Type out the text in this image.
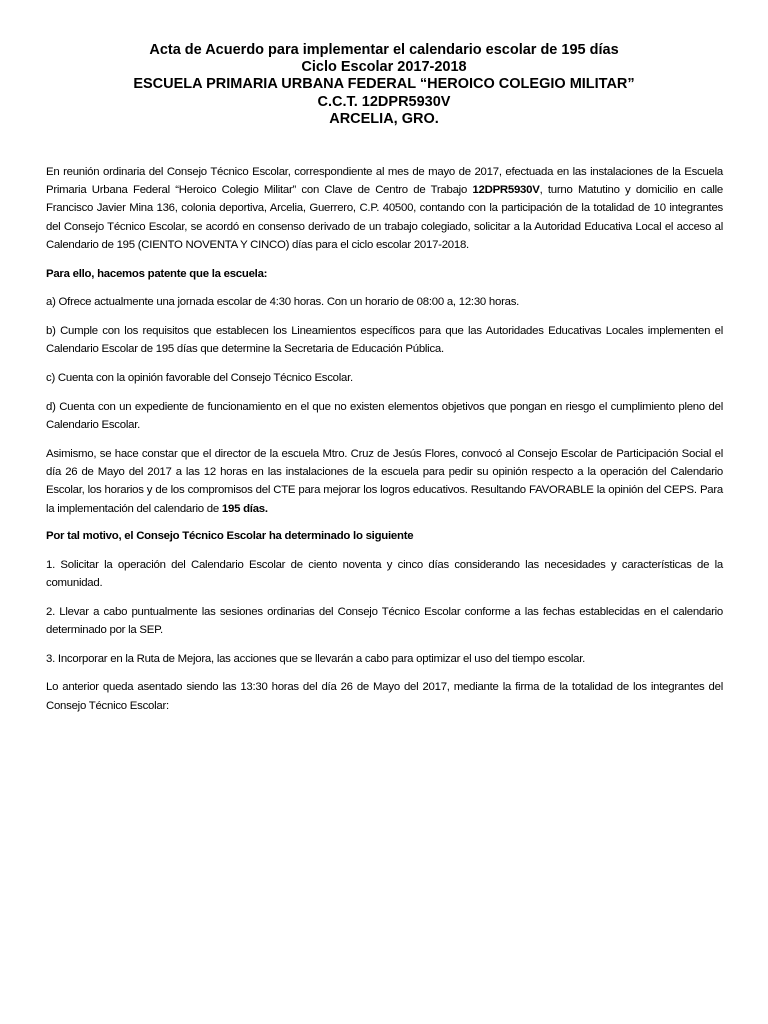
Acta de Acuerdo para implementar el calendario escolar de 195 días
Ciclo Escolar 2017-2018
ESCUELA PRIMARIA URBANA FEDERAL “HEROICO COLEGIO MILITAR”
C.C.T. 12DPR5930V
ARCELIA, GRO.

En reunión ordinaria del Consejo Técnico Escolar, correspondiente al mes de mayo de 2017, efectuada en las instalaciones de la Escuela Primaria Urbana Federal “Heroico Colegio Militar” con Clave de Centro de Trabajo 12DPR5930V, turno Matutino y domicilio en calle Francisco Javier Mina 136, colonia deportiva, Arcelia, Guerrero, C.P. 40500, contando con la participación de la totalidad de 10 integrantes del Consejo Técnico Escolar, se acordó en consenso derivado de un trabajo colegiado, solicitar a la Autoridad Educativa Local el acceso al Calendario de 195 (CIENTO NOVENTA Y CINCO) días para el ciclo escolar 2017-2018.

Para ello, hacemos patente que la escuela:

a) Ofrece actualmente una jornada escolar de 4:30 horas. Con un horario de 08:00 a, 12:30 horas.

b) Cumple con los requisitos que establecen los Lineamientos específicos para que las Autoridades Educativas Locales implementen el Calendario Escolar de 195 días que determine la Secretaria de Educación Pública.

c) Cuenta con la opinión favorable del Consejo Técnico Escolar.

d) Cuenta con un expediente de funcionamiento en el que no existen elementos objetivos que pongan en riesgo el cumplimiento pleno del Calendario Escolar.

Asimismo, se hace constar que el director de la escuela Mtro. Cruz de Jesús Flores, convocó al Consejo Escolar de Participación Social el día 26 de Mayo del 2017 a las 12 horas en las instalaciones de la escuela para pedir su opinión respecto a la operación del Calendario Escolar, los horarios y de los compromisos del CTE para mejorar los logros educativos. Resultando FAVORABLE la opinión del CEPS. Para la implementación del calendario de 195 días.

Por tal motivo, el Consejo Técnico Escolar ha determinado lo siguiente

1. Solicitar la operación del Calendario Escolar de ciento noventa y cinco días considerando las necesidades y características de la comunidad.

2. Llevar a cabo puntualmente las sesiones ordinarias del Consejo Técnico Escolar conforme a las fechas establecidas en el calendario determinado por la SEP.

3. Incorporar en la Ruta de Mejora, las acciones que se llevarán a cabo para optimizar el uso del tiempo escolar.

Lo anterior queda asentado siendo las 13:30 horas del día 26 de Mayo del 2017, mediante la firma de la totalidad de los integrantes del Consejo Técnico Escolar:
